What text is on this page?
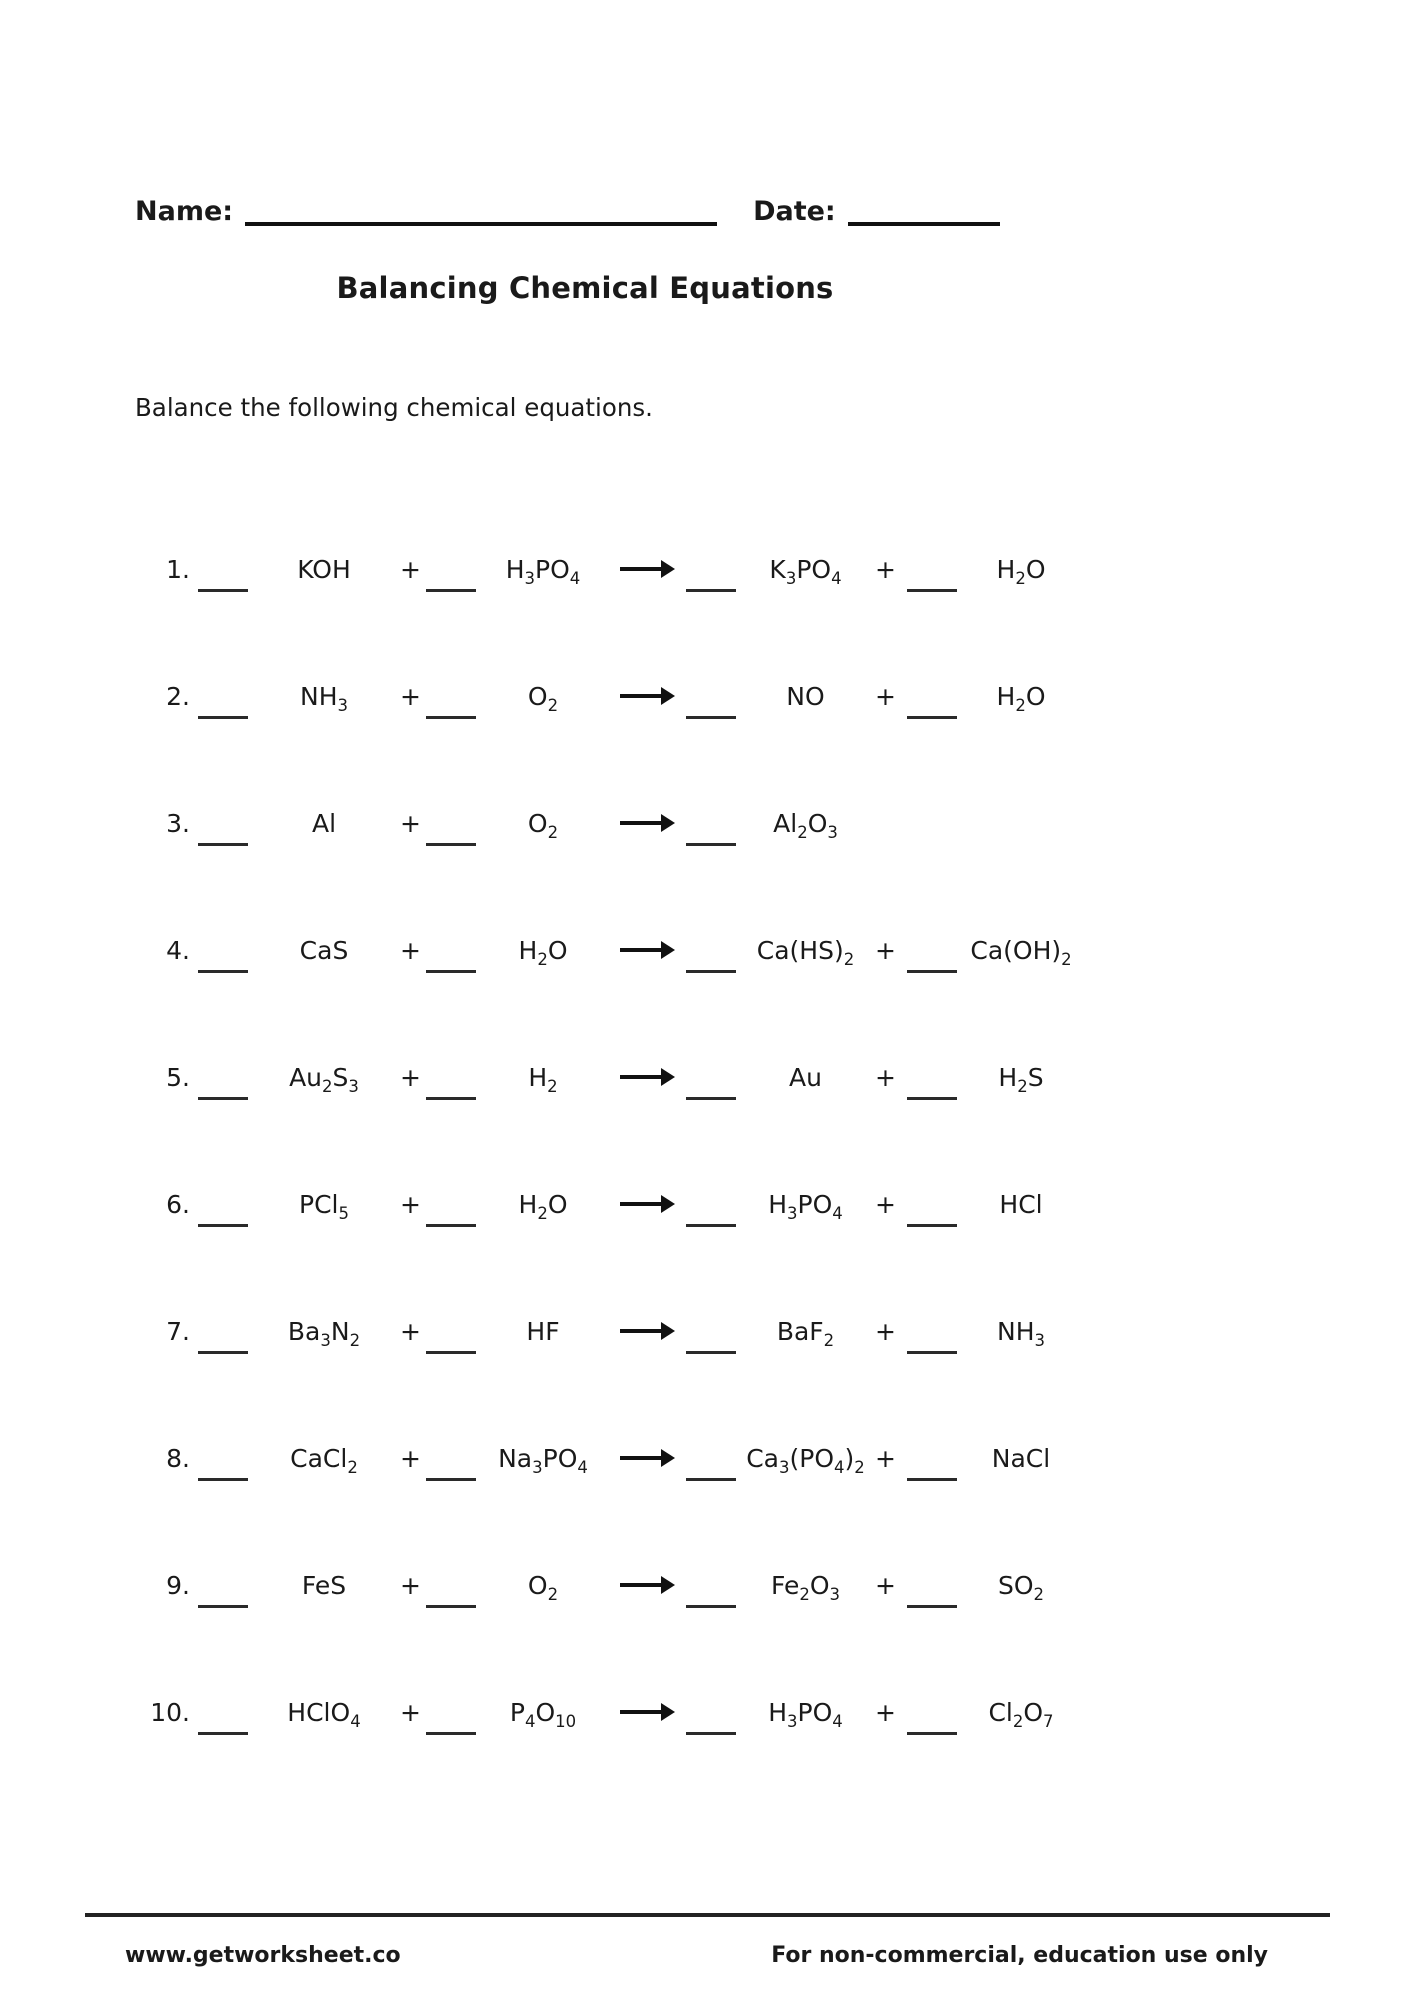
Name:	Date:
Balancing Chemical Equations
Balance the following chemical equations.
1.	KOH	+	$H_3PO_4$	→	$K_3PO_4$	+	$H_2O$
2.	$NH_3$	+	$O_2$	NO	+	$H_2O$
3.	Al	+	$O_2$	$Al_2O_3$
4.	CaS	+	$H_2O$	$Ca(HS)_2$ +	$Ca(OH)_2$
5.	$Au_2S_3$	+	$H_2$	Au	+	$H_2S$
6.	PCl$_5$	+	$H_2O$	$H_3PO_4$	+	HCl
7.	$Ba_3N_2$	+	HF	BaF$_2$	+	$NH_3$
8.	CaCl$_2$	+	$Na_3PO_4$ →	$Ca_3(PO_4)_2$ +	NaCl
9.	FeS	+	$O_2$	$Fe_2O_3$	+	$SO_2$
10.	HClO$_4$	+	$P_4O_{10}$	→	$H_3PO_4$	+	$Cl_2O_7$
www.getworksheet.co	For non-commercial, education use only
